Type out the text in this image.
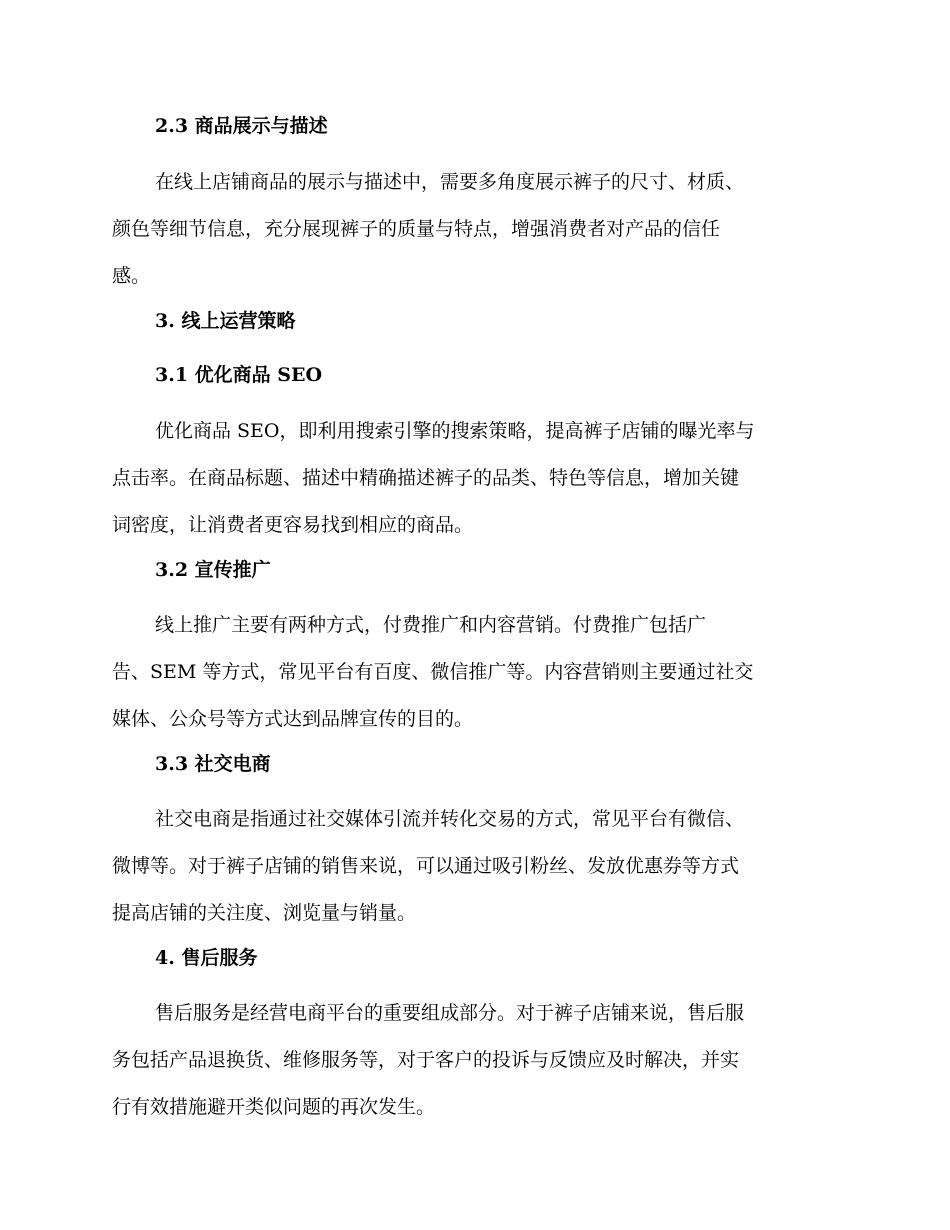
2.3 商品展示与描述
在线上店铺商品的展示与描述中，需要多角度展示裤子的尺寸、材质、
颜色等细节信息，充分展现裤子的质量与特点，增强消费者对产品的信任
感。
3. 线上运营策略
3.1 优化商品 SEO
优化商品 SEO，即利用搜索引擎的搜索策略，提高裤子店铺的曝光率与
点击率。在商品标题、描述中精确描述裤子的品类、特色等信息，增加关键
词密度，让消费者更容易找到相应的商品。
3.2 宣传推广
线上推广主要有两种方式，付费推广和内容营销。付费推广包括广
告、SEM 等方式，常见平台有百度、微信推广等。内容营销则主要通过社交
媒体、公众号等方式达到品牌宣传的目的。
3.3 社交电商
社交电商是指通过社交媒体引流并转化交易的方式，常见平台有微信、
微博等。对于裤子店铺的销售来说，可以通过吸引粉丝、发放优惠券等方式
提高店铺的关注度、浏览量与销量。
4. 售后服务
售后服务是经营电商平台的重要组成部分。对于裤子店铺来说，售后服
务包括产品退换货、维修服务等，对于客户的投诉与反馈应及时解决，并实
行有效措施避开类似问题的再次发生。
